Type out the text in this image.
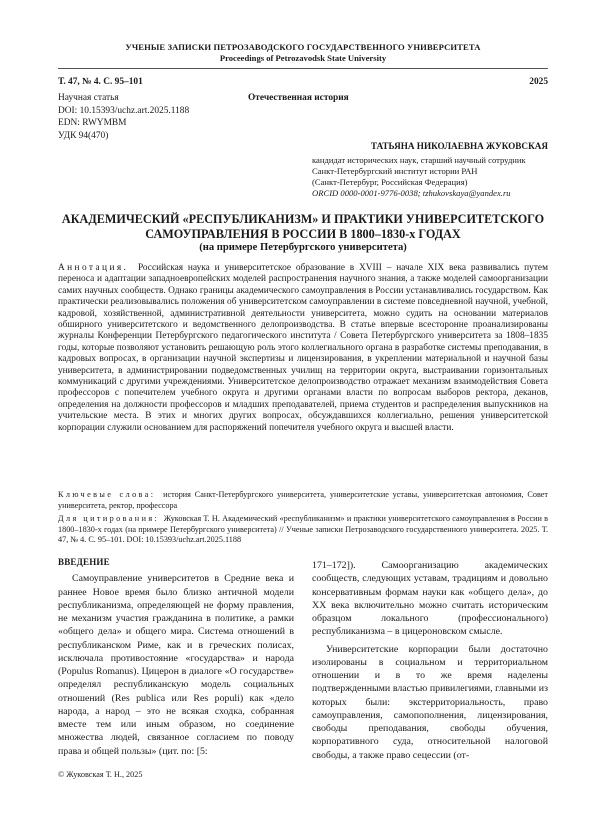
УЧЕНЫЕ ЗАПИСКИ ПЕТРОЗАВОДСКОГО ГОСУДАРСТВЕННОГО УНИВЕРСИТЕТА
Proceedings of Petrozavodsk State University
Т. 47, № 4. С. 95–101	2025
Научная статья	Отечественная история
DOI: 10.15393/uchz.art.2025.1188
EDN: RWYMBM
УДК 94(470)
ТАТЬЯНА НИКОЛАЕВНА ЖУКОВСКАЯ
кандидат исторических наук, старший научный сотрудник
Санкт-Петербургский институт истории РАН
(Санкт-Петербург, Российская Федерация)
ORCID 0000-0001-9776-0038; tzhukovskaya@yandex.ru
АКАДЕМИЧЕСКИЙ «РЕСПУБЛИКАНИЗМ» И ПРАКТИКИ УНИВЕРСИТЕТСКОГО
САМОУПРАВЛЕНИЯ В РОССИИ В 1800–1830-х ГОДАХ
(на примере Петербургского университета)
Аннотация. Российская наука и университетское образование в XVIII – начале XIX века развивались путем переноса и адаптации западноевропейских моделей распространения научного знания, а также моделей самоорганизации самих научных сообществ. Однако границы академического самоуправления в России устанавливались государством. Как практически реализовывались положения об университетском самоуправлении в системе повседневной научной, учебной, кадровой, хозяйственной, административной деятельности университета, можно судить на основании материалов обширного университетского и ведомственного делопроизводства. В статье впервые всесторонне проанализированы журналы Конференции Петербургского педагогического института / Совета Петербургского университета за 1808–1835 годы, которые позволяют установить решающую роль этого коллегиального органа в разработке системы преподавания, в кадровых вопросах, в организации научной экспертизы и лицензирования, в укреплении материальной и научной базы университета, в администрировании подведомственных училищ на территории округа, выстраивании горизонтальных коммуникаций с другими учреждениями. Университетское делопроизводство отражает механизм взаимодействия Совета профессоров с попечителем учебного округа и другими органами власти по вопросам выборов ректора, деканов, определения на должности профессоров и младших преподавателей, приема студентов и распределения выпускников на учительские места. В этих и многих других вопросах, обсуждавшихся коллегиально, решения университетской корпорации служили основанием для распоряжений попечителя учебного округа и высшей власти.
Ключевые слова: история Санкт-Петербургского университета, университетские уставы, университетская автономия, Совет университета, ректор, профессора
Для цитирования: Жуковская Т. Н. Академический «республиканизм» и практики университетского самоуправления в России в 1800–1830-х годах (на примере Петербургского университета) // Ученые записки Петрозаводского государственного университета. 2025. Т. 47, № 4. С. 95–101. DOI: 10.15393/uchz.art.2025.1188
ВВЕДЕНИЕ

Самоуправление университетов в Средние века и раннее Новое время было близко античной модели республиканизма, определяющей не форму правления, не механизм участия гражданина в политике, а рамки «общего дела» и общего мира. Система отношений в республиканском Риме, как и в греческих полисах, исключала противостояние «государства» и народа (Populus Romanus). Цицерон в диалоге «О государстве» определял республиканскую модель социальных отношений (Res publica или Res populi) как «дело народа, а народ – это не всякая сходка, собранная вместе тем или иным образом, но соединение множества людей, связанное согласием по поводу права и общей пользы» (цит. по: [5:

171–172]). Самоорганизацию академических сообществ, следующих уставам, традициям и довольно консервативным формам науки как «общего дела», до XX века включительно можно считать историческим образцом локального (профессионального) республиканизма – в цицероновском смысле.

Университетские корпорации были достаточно изолированы в социальном и территориальном отношении и в то же время наделены подтвержденными властью привилегиями, главными из которых были: экстерриториальность, право самоуправления, самопополнения, лицензирования, свободы преподавания, свободы обучения, корпоративного суда, относительной налоговой свободы, а также право сецессии (от-

© Жуковская Т. Н., 2025
